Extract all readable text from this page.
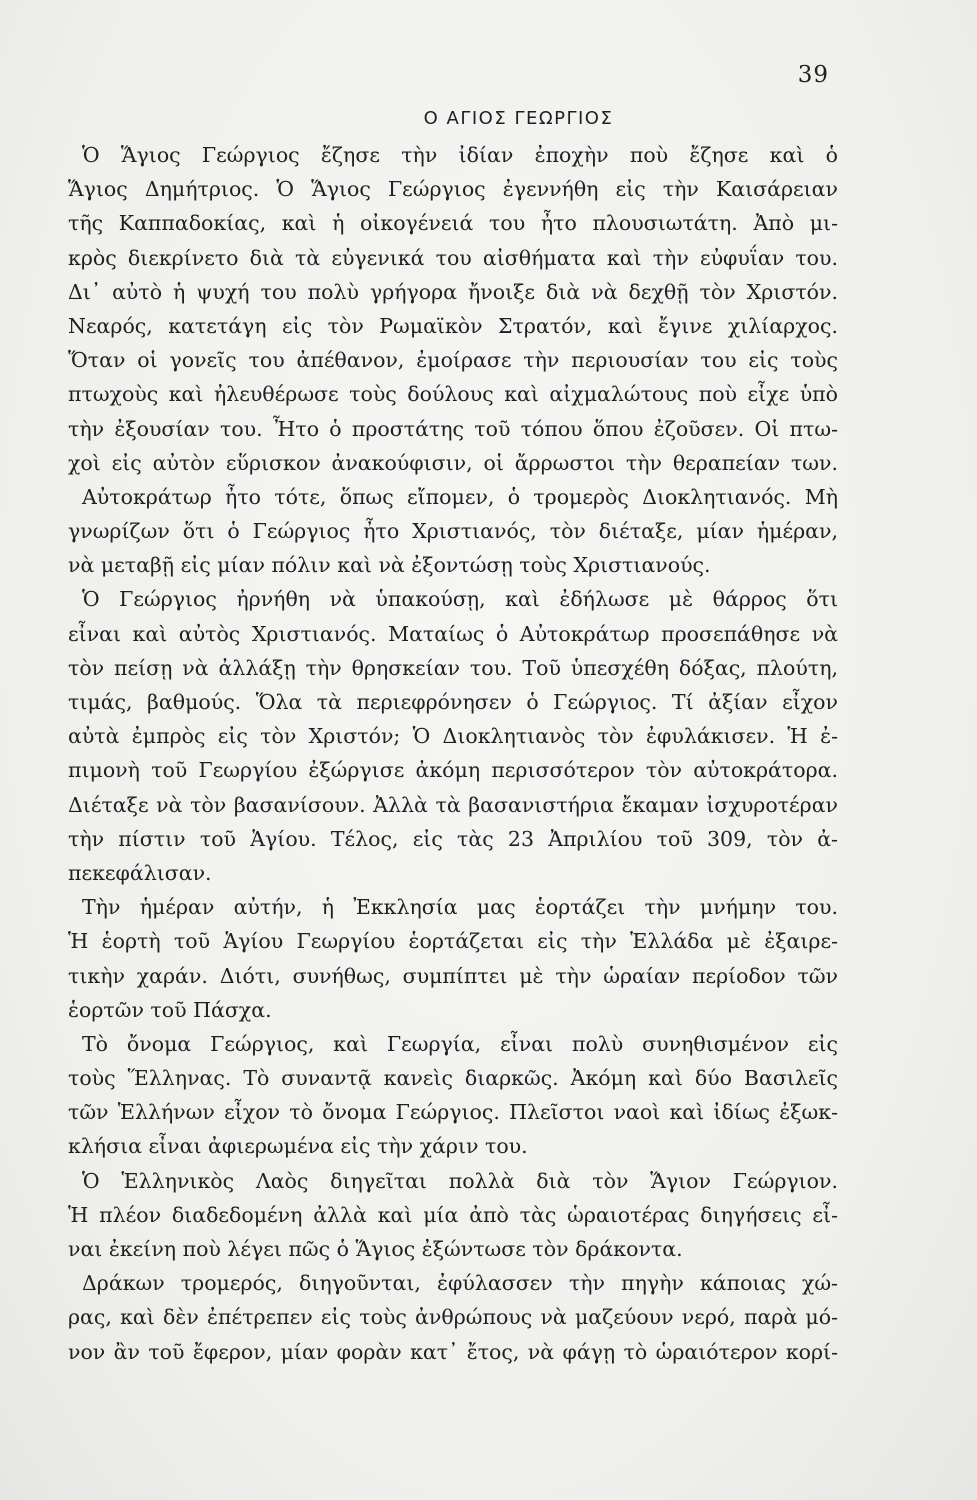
39
Ο ΑΓΙΟΣ ΓΕΩΡΓΙΟΣ
Ὁ Ἅγιος Γεώργιος ἔζησε τὴν ἰδίαν ἐποχὴν ποὺ ἔζησε καὶ ὁ
Ἅγιος Δημήτριος. Ὁ Ἅγιος Γεώργιος ἐγεννήθη εἰς τὴν Καισάρειαν
τῆς Καππαδοκίας, καὶ ἡ οἰκογένειά του ἦτο πλουσιωτάτη. Ἀπὸ μι-
κρὸς διεκρίνετο διὰ τὰ εὐγενικά του αἰσθήματα καὶ τὴν εὐφυΐαν του.
Δι᾽ αὐτὸ ἡ ψυχή του πολὺ γρήγορα ἤνοιξε διὰ νὰ δεχθῇ τὸν Χριστόν.
Νεαρός, κατετάγη εἰς τὸν Ρωμαϊκὸν Στρατόν, καὶ ἔγινε χιλίαρχος.
Ὅταν οἱ γονεῖς του ἀπέθανον, ἐμοίρασε τὴν περιουσίαν του εἰς τοὺς
πτωχοὺς καὶ ἠλευθέρωσε τοὺς δούλους καὶ αἰχμαλώτους ποὺ εἶχε ὑπὸ
τὴν ἐξουσίαν του. Ἦτο ὁ προστάτης τοῦ τόπου ὅπου ἐζοῦσεν. Οἱ πτω-
χοὶ εἰς αὐτὸν εὕρισκον ἀνακούφισιν, οἱ ἄρρωστοι τὴν θεραπείαν των.
Αὐτοκράτωρ ἦτο τότε, ὅπως εἴπομεν, ὁ τρομερὸς Διοκλητιανός. Μὴ
γνωρίζων ὅτι ὁ Γεώργιος ἦτο Χριστιανός, τὸν διέταξε, μίαν ἡμέραν,
νὰ μεταβῇ εἰς μίαν πόλιν καὶ νὰ ἐξοντώσῃ τοὺς Χριστιανούς.
Ὁ Γεώργιος ἠρνήθη νὰ ὑπακούσῃ, καὶ ἐδήλωσε μὲ θάρρος ὅτι
εἶναι καὶ αὐτὸς Χριστιανός. Ματαίως ὁ Αὐτοκράτωρ προσεπάθησε νὰ
τὸν πείσῃ νὰ ἀλλάξῃ τὴν θρησκείαν του. Τοῦ ὑπεσχέθη δόξας, πλούτη,
τιμάς, βαθμούς. Ὅλα τὰ περιεφρόνησεν ὁ Γεώργιος. Τί ἀξίαν εἶχον
αὐτὰ ἐμπρὸς εἰς τὸν Χριστόν; Ὁ Διοκλητιανὸς τὸν ἐφυλάκισεν. Ἡ ἐ-
πιμονὴ τοῦ Γεωργίου ἐξώργισε ἀκόμη περισσότερον τὸν αὐτοκράτορα.
Διέταξε νὰ τὸν βασανίσουν. Ἀλλὰ τὰ βασανιστήρια ἔκαμαν ἰσχυροτέραν
τὴν πίστιν τοῦ Ἁγίου. Τέλος, εἰς τὰς 23 Ἀπριλίου τοῦ 309, τὸν ἀ-
πεκεφάλισαν.
Τὴν ἡμέραν αὐτήν, ἡ Ἐκκλησία μας ἑορτάζει τὴν μνήμην του.
Ἡ ἑορτὴ τοῦ Ἁγίου Γεωργίου ἑορτάζεται εἰς τὴν Ἑλλάδα μὲ ἐξαιρε-
τικὴν χαράν. Διότι, συνήθως, συμπίπτει μὲ τὴν ὡραίαν περίοδον τῶν
ἑορτῶν τοῦ Πάσχα.
Τὸ ὄνομα Γεώργιος, καὶ Γεωργία, εἶναι πολὺ συνηθισμένον εἰς
τοὺς Ἕλληνας. Τὸ συναντᾷ κανεὶς διαρκῶς. Ἀκόμη καὶ δύο Βασιλεῖς
τῶν Ἑλλήνων εἶχον τὸ ὄνομα Γεώργιος. Πλεῖστοι ναοὶ καὶ ἰδίως ἐξωκ-
κλήσια εἶναι ἀφιερωμένα εἰς τὴν χάριν του.
Ὁ Ἑλληνικὸς Λαὸς διηγεῖται πολλὰ διὰ τὸν Ἅγιον Γεώργιον.
Ἡ πλέον διαδεδομένη ἀλλὰ καὶ μία ἀπὸ τὰς ὡραιοτέρας διηγήσεις εἶ-
ναι ἐκείνη ποὺ λέγει πῶς ὁ Ἅγιος ἐξώντωσε τὸν δράκοντα.
Δράκων τρομερός, διηγοῦνται, ἐφύλασσεν τὴν πηγὴν κάποιας χώ-
ρας, καὶ δὲν ἐπέτρεπεν εἰς τοὺς ἀνθρώπους νὰ μαζεύουν νερό, παρὰ μό-
νον ἂν τοῦ ἔφερον, μίαν φορὰν κατ᾽ ἔτος, νὰ φάγῃ τὸ ὡραιότερον κορί-
